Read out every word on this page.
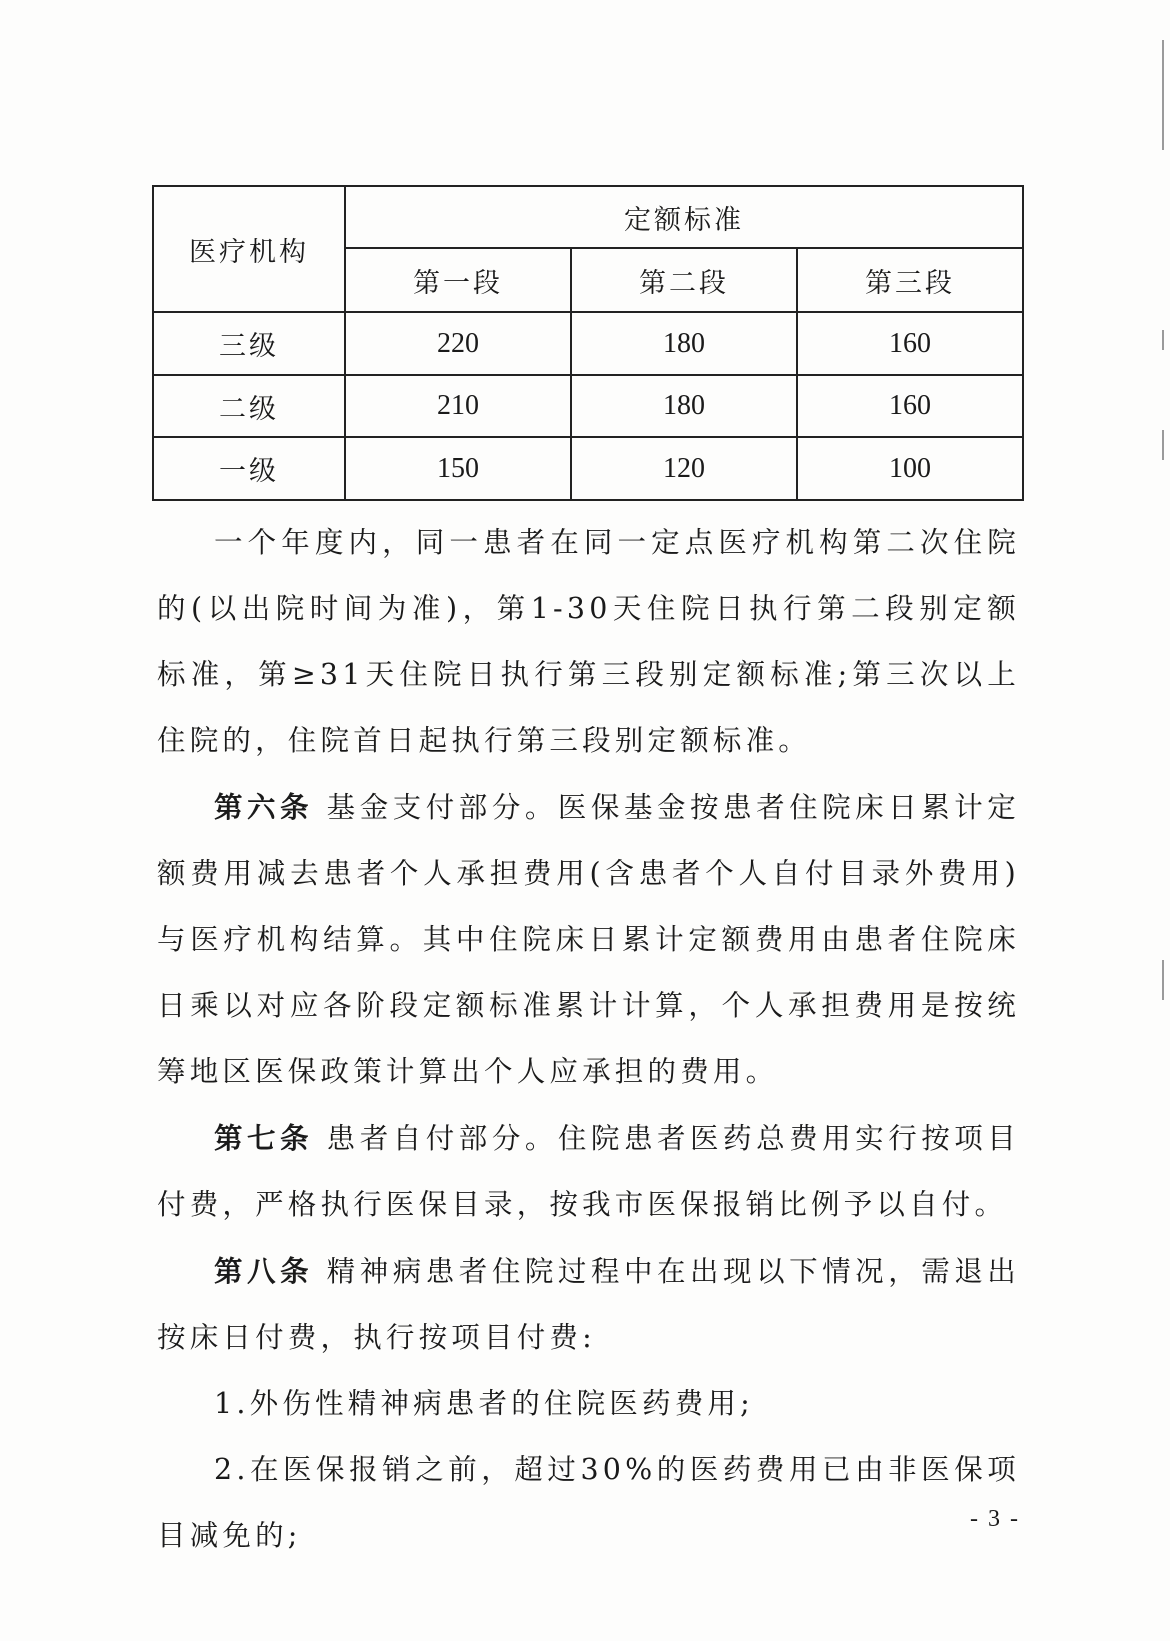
医疗机构	定额标准		
	第一段	第二段	第三段
三级	220	180	160
二级	210	180	160
一级	150	120	100

一个年度内，同一患者在同一定点医疗机构第二次住院的(以出院时间为准)，第1-30天住院日执行第二段别定额标准，第≥31天住院日执行第三段别定额标准;第三次以上住院的，住院首日起执行第三段别定额标准。

第六条 基金支付部分。医保基金按患者住院床日累计定额费用减去患者个人承担费用(含患者个人自付目录外费用) 与医疗机构结算。其中住院床日累计定额费用由患者住院床日乘以对应各阶段定额标准累计计算，个人承担费用是按统筹地区医保政策计算出个人应承担的费用。

第七条 患者自付部分。住院患者医药总费用实行按项目付费，严格执行医保目录，按我市医保报销比例予以自付。

第八条 精神病患者住院过程中在出现以下情况，需退出按床日付费，执行按项目付费:

1.外伤性精神病患者的住院医药费用;

2.在医保报销之前，超过30%的医药费用已由非医保项目减免的;	- 3 -
